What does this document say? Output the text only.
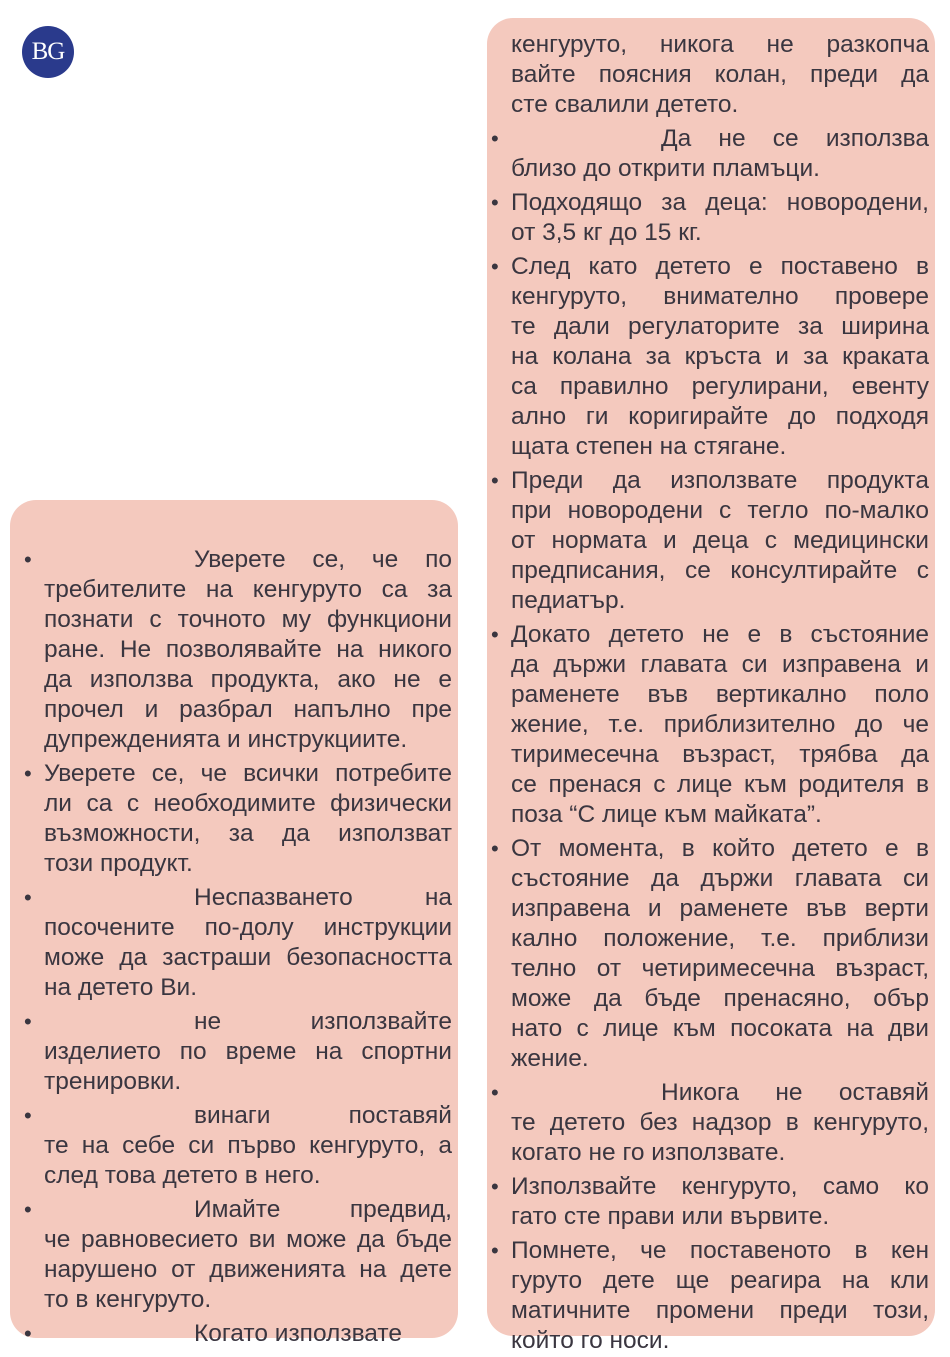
BG
• Уверете се, че по
требителите на кенгуруто са за
познати с точното му функциони
ране. Не позволявайте на никого
да използва продукта, ако не е
прочел и разбрал напълно пре
дупрежденията и инструкциите.
• Уверете се, че всички потребите
ли са с необходимите физически
възможности, за да използват
този продукт.
• Неспазването на
посочените по-долу инструкции
може да застраши безопасността
на детето Ви.
• не използвайте
изделието по време на спортни
тренировки.
• винаги поставяй
те на себе си първо кенгуруто, а
след това детето в него.
• Имайте предвид,
че равновесието ви може да бъде
нарушено от движенията на дете
то в кенгуруто.
• Когато използвате
кенгуруто, никога не разкопча
вайте поясния колан, преди да
сте свалили детето.
• Да не се използва
близо до открити пламъци.
• Подходящо за деца: новородени,
от 3,5 кг до 15 кг.
• След като детето е поставено в
кенгуруто, внимателно провере
те дали регулаторите за ширина
на колана за кръста и за краката
са правилно регулирани, евенту
ално ги коригирайте до подходя
щата степен на стягане.
• Преди да използвате продукта
при новородени с тегло по-малко
от нормата и деца с медицински
предписания, се консултирайте с
педиатър.
• Докато детето не е в състояние
да държи главата си изправена и
раменете във вертикално поло
жение, т.е. приблизително до че
тиримесечна възраст, трябва да
се пренася с лице към родителя в
поза “С лице към майката”.
• От момента, в който детето е в
състояние да държи главата си
изправена и раменете във верти
кално положение, т.е. приблизи
телно от четиримесечна възраст,
може да бъде пренасяно, обър
нато с лице към посоката на дви
жение.
• Никога не оставяй
те детето без надзор в кенгуруто,
когато не го използвате.
• Използвайте кенгуруто, само ко
гато сте прави или вървите.
• Помнете, че поставеното в кен
гуруто дете ще реагира на кли
матичните промени преди този,
който го носи.
